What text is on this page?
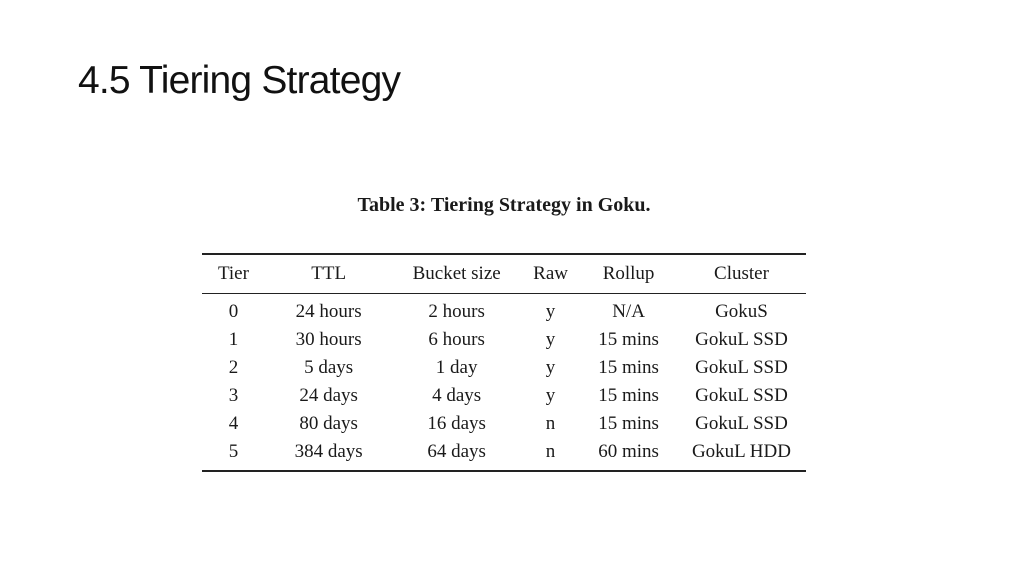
4.5 Tiering Strategy
Table 3: Tiering Strategy in Goku.
Tier	TTL	Bucket size	Raw	Rollup	Cluster
0	24 hours	2 hours	y	N/A	GokuS
1	30 hours	6 hours	y	15 mins	GokuL SSD
2	5 days	1 day	y	15 mins	GokuL SSD
3	24 days	4 days	y	15 mins	GokuL SSD
4	80 days	16 days	n	15 mins	GokuL SSD
5	384 days	64 days	n	60 mins	GokuL HDD
